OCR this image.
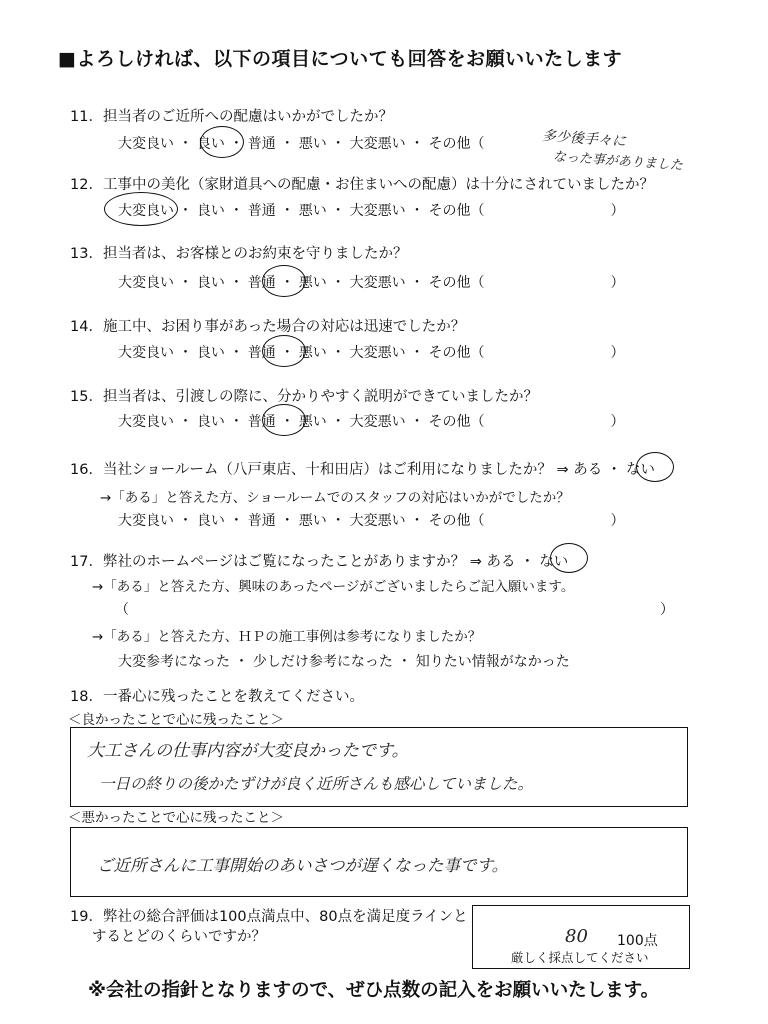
■よろしければ、以下の項目についても回答をお願いいたします
11．担当者のご近所への配慮はいかがでしたか？
大変良い ・ 良い ・ 普通 ・ 悪い ・ 大変悪い ・ その他（	多少後手々に
なった事がありました
12．工事中の美化（家財道具への配慮・お住まいへの配慮）は十分にされていましたか？
大変良い ・ 良い ・ 普通 ・ 悪い ・ 大変悪い ・ その他（　　　　　　　　　）
13．担当者は、お客様とのお約束を守りましたか？
大変良い ・ 良い ・ 普通 ・ 悪い ・ 大変悪い ・ その他（　　　　　　　　　）
14．施工中、お困り事があった場合の対応は迅速でしたか？
大変良い ・ 良い ・ 普通 ・ 悪い ・ 大変悪い ・ その他（　　　　　　　　　）
15．担当者は、引渡しの際に、分かりやすく説明ができていましたか？
大変良い ・ 良い ・ 普通 ・ 悪い ・ 大変悪い ・ その他（　　　　　　　　　）
16．当社ショールーム（八戸東店、十和田店）はご利用になりましたか？ ⇒ ある ・ ない
→「ある」と答えた方、ショールームでのスタッフの対応はいかがでしたか？
大変良い ・ 良い ・ 普通 ・ 悪い ・ 大変悪い ・ その他（　　　　　　　　　）
17．弊社のホームページはご覧になったことがありますか？ ⇒ ある ・ ない
→「ある」と答えた方、興味のあったページがございましたらご記入願います。
（	）
→「ある」と答えた方、ＨＰの施工事例は参考になりましたか？
大変参考になった ・ 少しだけ参考になった ・ 知りたい情報がなかった
18．一番心に残ったことを教えてください。
＜良かったことで心に残ったこと＞
大工さんの仕事内容が大変良かったです。
一日の終りの後かたずけが良く近所さんも感心していました。
＜悪かったことで心に残ったこと＞
ご近所さんに工事開始のあいさつが遅くなった事です。
19．弊社の総合評価は100点満点中、80点を満足度ラインと
するとどのくらいですか？	80 100点
厳しく採点してください
※会社の指針となりますので、ぜひ点数の記入をお願いいたします。
